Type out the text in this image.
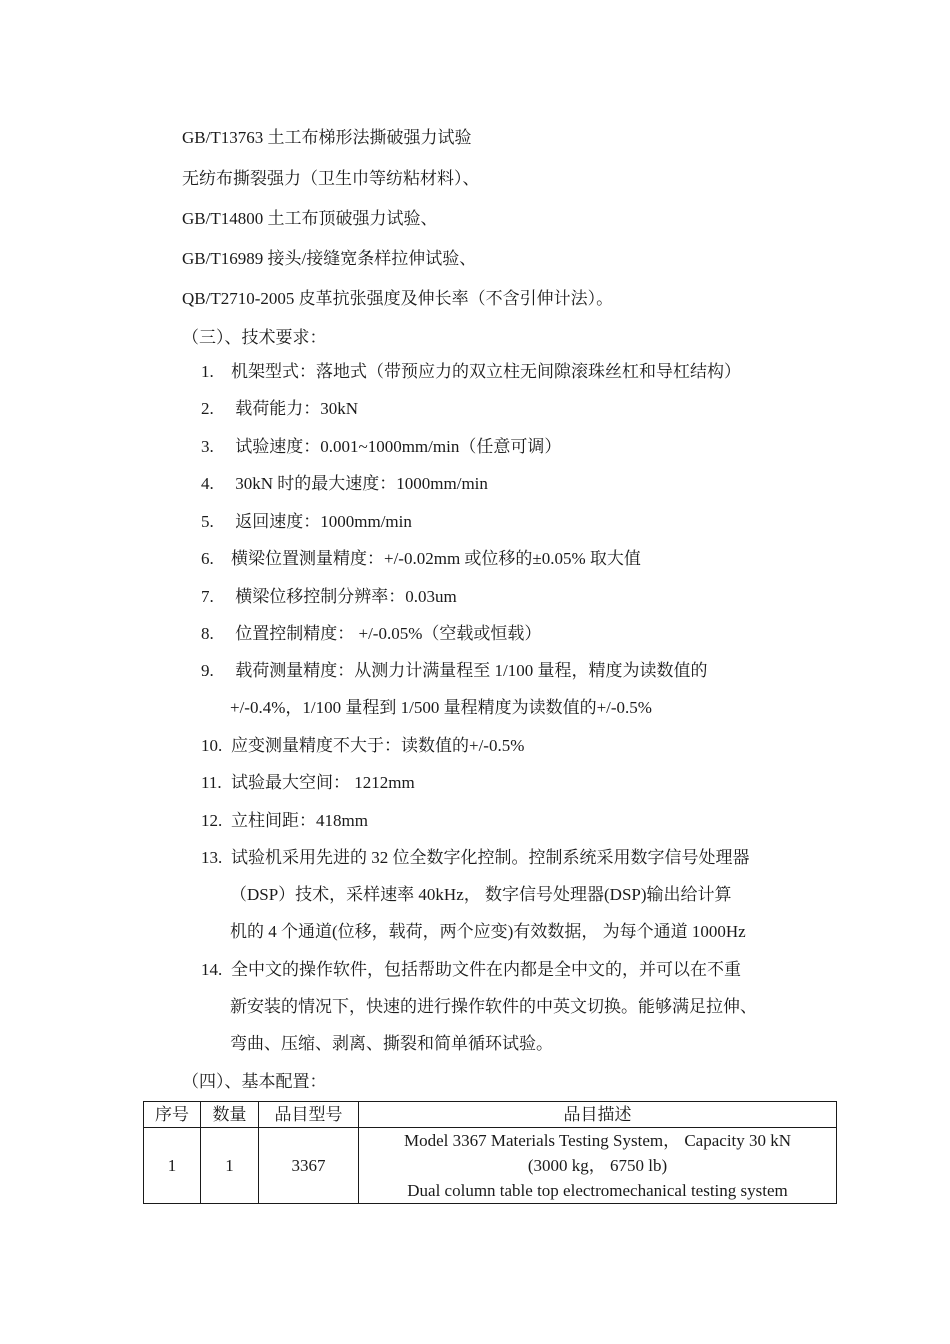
GB/T13763 土工布梯形法撕破强力试验
无纺布撕裂强力（卫生巾等纺粘材料）、
GB/T14800 土工布顶破强力试验、
GB/T16989 接头/接缝宽条样拉伸试验、
QB/T2710-2005 皮革抗张强度及伸长率（不含引伸计法）。
（三）、技术要求：
1. 机架型式：落地式（带预应力的双立柱无间隙滚珠丝杠和导杠结构）
2. 载荷能力：30kN
3. 试验速度：0.001~1000mm/min（任意可调）
4. 30kN 时的最大速度：1000mm/min
5. 返回速度：1000mm/min
6. 横梁位置测量精度：+/-0.02mm 或位移的±0.05% 取大值
7. 横梁位移控制分辨率：0.03um
8. 位置控制精度： +/-0.05%（空载或恒载）
9. 载荷测量精度：从测力计满量程至 1/100 量程，精度为读数值的
+/-0.4%，1/100 量程到 1/500 量程精度为读数值的+/-0.5%
10. 应变测量精度不大于：读数值的+/-0.5%
11. 试验最大空间： 1212mm
12. 立柱间距：418mm
13. 试验机采用先进的 32 位全数字化控制。控制系统采用数字信号处理器
（DSP）技术，采样速率 40kHz， 数字信号处理器(DSP)输出给计算
机的 4 个通道(位移，载荷，两个应变)有效数据， 为每个通道 1000Hz
14. 全中文的操作软件，包括帮助文件在内都是全中文的，并可以在不重
新安装的情况下，快速的进行操作软件的中英文切换。能够满足拉伸、
弯曲、压缩、剥离、撕裂和简单循环试验。
（四）、基本配置：
序号	数量	品目型号	品目描述
1	1	3367	Model 3367 Materials Testing System， Capacity 30 kN
(3000 kg， 6750 lb)
Dual column table top electromechanical testing system
